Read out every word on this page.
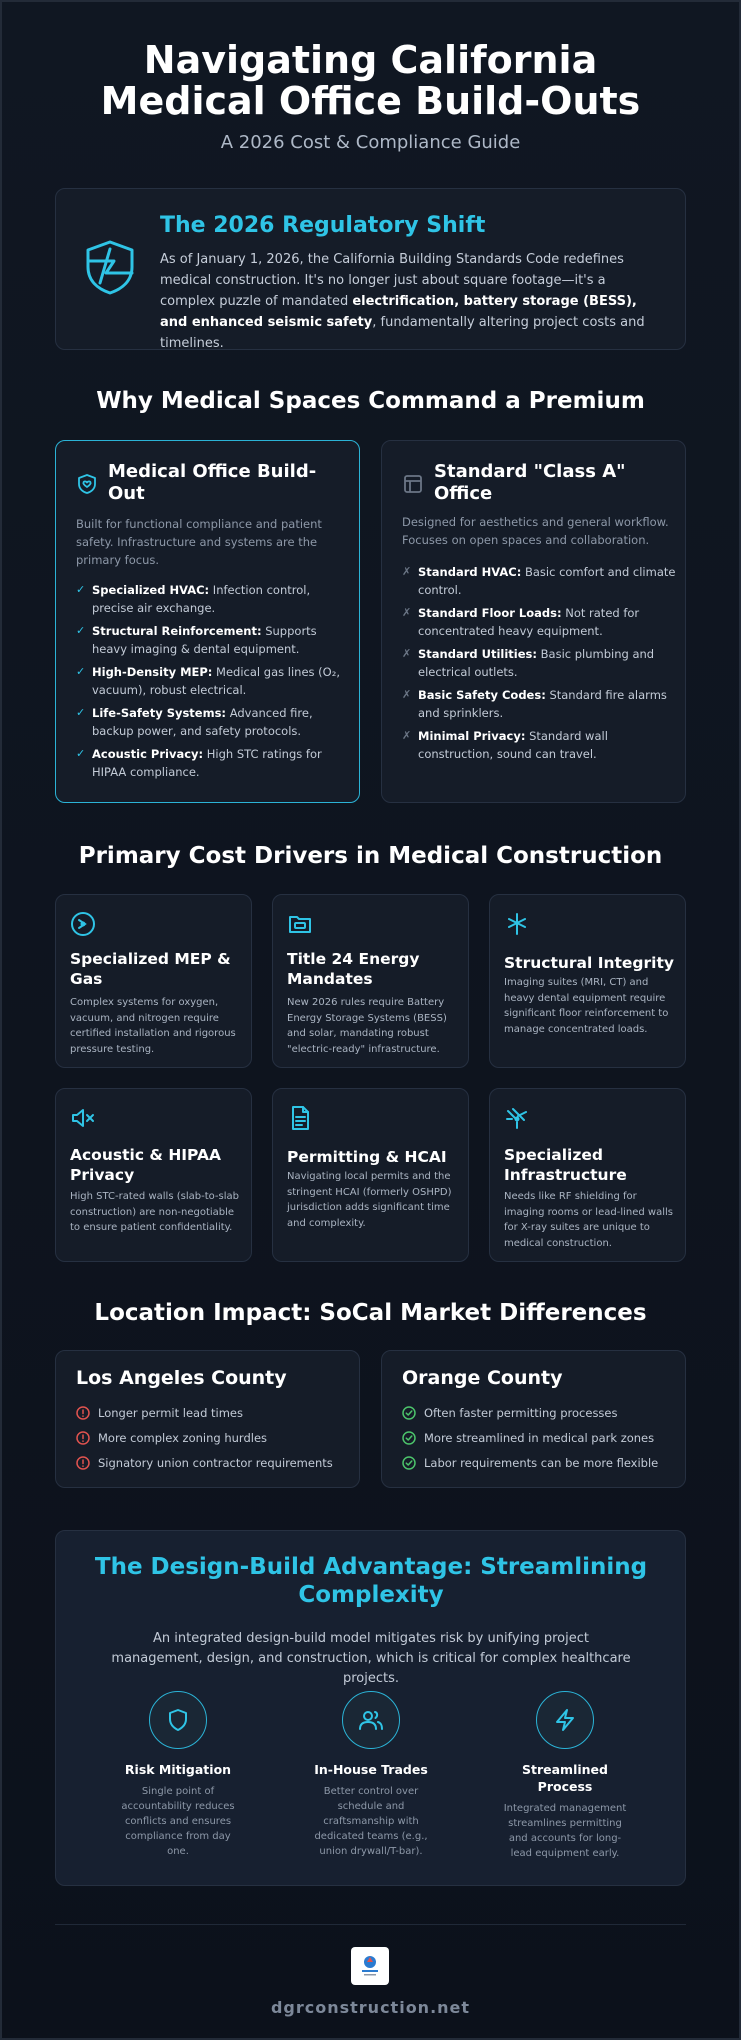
Navigating California Medical Office Build-Outs
A 2026 Cost & Compliance Guide
The 2026 Regulatory Shift
As of January 1, 2026, the California Building Standards Code redefines medical construction. It's no longer just about square footage—it's a complex puzzle of mandated electrification, battery storage (BESS), and enhanced seismic safety, fundamentally altering project costs and timelines.
Why Medical Spaces Command a Premium
Medical Office Build-Out
Built for functional compliance and patient safety. Infrastructure and systems are the primary focus.
✓ Specialized HVAC: Infection control, precise air exchange.
✓ Structural Reinforcement: Supports heavy imaging & dental equipment.
✓ High-Density MEP: Medical gas lines (O₂, vacuum), robust electrical.
✓ Life-Safety Systems: Advanced fire, backup power, and safety protocols.
✓ Acoustic Privacy: High STC ratings for HIPAA compliance.
Standard "Class A" Office
Designed for aesthetics and general workflow. Focuses on open spaces and collaboration.
✗ Standard HVAC: Basic comfort and climate control.
✗ Standard Floor Loads: Not rated for concentrated heavy equipment.
✗ Standard Utilities: Basic plumbing and electrical outlets.
✗ Basic Safety Codes: Standard fire alarms and sprinklers.
✗ Minimal Privacy: Standard wall construction, sound can travel.
Primary Cost Drivers in Medical Construction
Specialized MEP & Gas
Complex systems for oxygen, vacuum, and nitrogen require certified installation and rigorous pressure testing.
Title 24 Energy Mandates
New 2026 rules require Battery Energy Storage Systems (BESS) and solar, mandating robust "electric-ready" infrastructure.
Structural Integrity
Imaging suites (MRI, CT) and heavy dental equipment require significant floor reinforcement to manage concentrated loads.
Acoustic & HIPAA Privacy
High STC-rated walls (slab-to-slab construction) are non-negotiable to ensure patient confidentiality.
Permitting & HCAI
Navigating local permits and the stringent HCAI (formerly OSHPD) jurisdiction adds significant time and complexity.
Specialized Infrastructure
Needs like RF shielding for imaging rooms or lead-lined walls for X-ray suites are unique to medical construction.
Location Impact: SoCal Market Differences
Los Angeles County
Longer permit lead times
More complex zoning hurdles
Signatory union contractor requirements
Orange County
Often faster permitting processes
More streamlined in medical park zones
Labor requirements can be more flexible
The Design-Build Advantage: Streamlining Complexity
An integrated design-build model mitigates risk by unifying project management, design, and construction, which is critical for complex healthcare projects.
Risk Mitigation
Single point of accountability reduces conflicts and ensures compliance from day one.
In-House Trades
Better control over schedule and craftsmanship with dedicated teams (e.g., union drywall/T-bar).
Streamlined Process
Integrated management streamlines permitting and accounts for long-lead equipment early.
dgrconstruction.net
